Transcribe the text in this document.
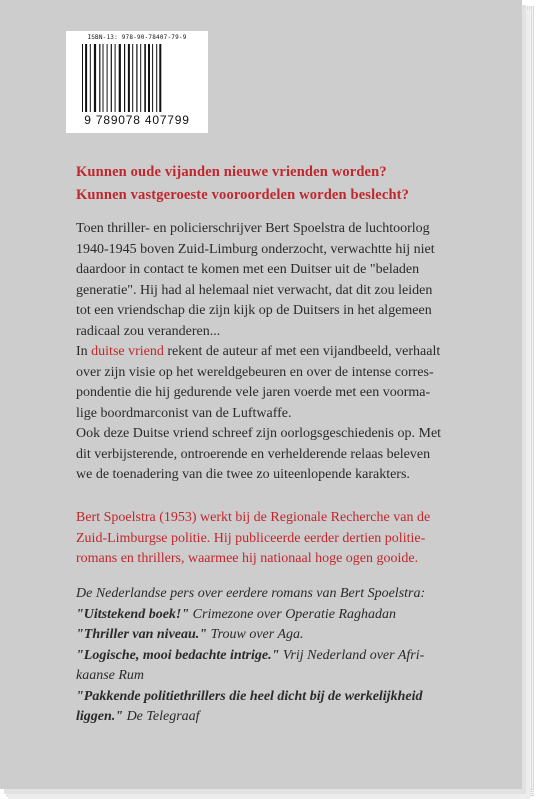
ISBN-13: 978-90-78407-79-9
9 789078 407799
Kunnen oude vijanden nieuwe vrienden worden?
Kunnen vastgeroeste vooroordelen worden beslecht?
Toen thriller- en policierschrijver Bert Spoelstra de luchtoorlog
1940-1945 boven Zuid-Limburg onderzocht, verwachtte hij niet
daardoor in contact te komen met een Duitser uit de "beladen
generatie". Hij had al helemaal niet verwacht, dat dit zou leiden
tot een vriendschap die zijn kijk op de Duitsers in het algemeen
radicaal zou veranderen...
In duitse vriend rekent de auteur af met een vijandbeeld, verhaalt
over zijn visie op het wereldgebeuren en over de intense corres-
pondentie die hij gedurende vele jaren voerde met een voorma-
lige boordmarconist van de Luftwaffe.
Ook deze Duitse vriend schreef zijn oorlogsgeschiedenis op. Met
dit verbijsterende, ontroerende en verhelderende relaas beleven
we de toenadering van die twee zo uiteenlopende karakters.
Bert Spoelstra (1953) werkt bij de Regionale Recherche van de
Zuid-Limburgse politie. Hij publiceerde eerder dertien politie-
romans en thrillers, waarmee hij nationaal hoge ogen gooide.
De Nederlandse pers over eerdere romans van Bert Spoelstra:
"Uitstekend boek!" Crimezone over Operatie Raghadan
"Thriller van niveau." Trouw over Aga.
"Logische, mooi bedachte intrige." Vrij Nederland over Afri-
kaanse Rum
"Pakkende politiethrillers die heel dicht bij de werkelijkheid
liggen." De Telegraaf
